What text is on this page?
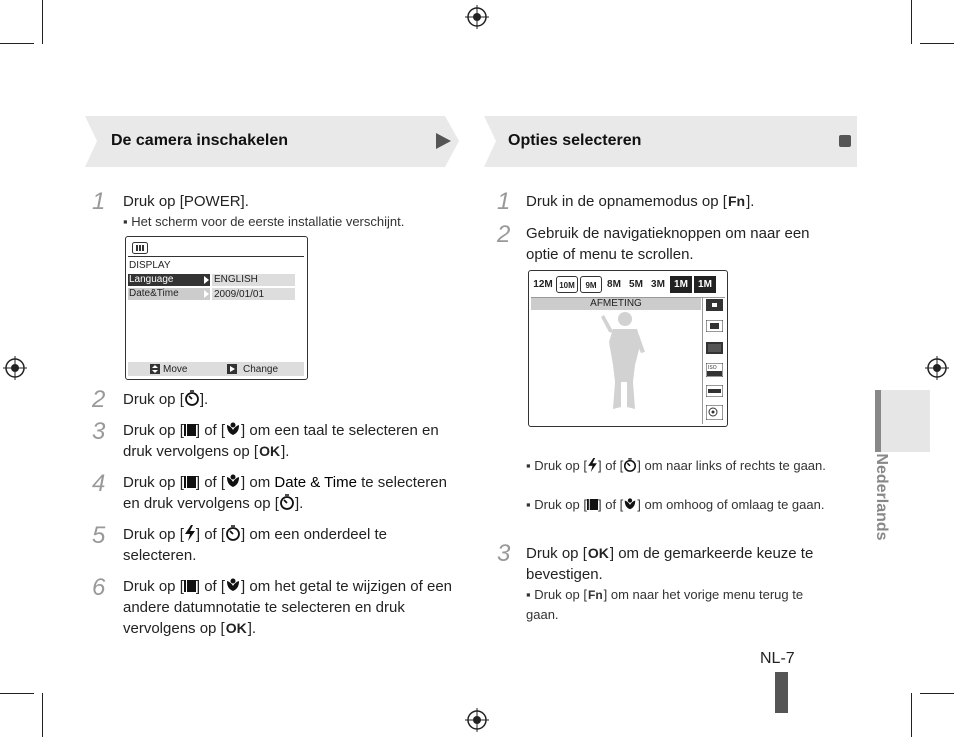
De camera inschakelen	Opties selecteren
1 Druk op [POWER].
▪ Het scherm voor de eerste installatie verschijnt.
DISPLAY
Language	ENGLISH
Date&Time	2009/01/01
Move	Change
2 Druk op [ ].
3 Druk op [ ] of [ ] om een taal te selecteren en druk vervolgens op [OK].
4 Druk op [ ] of [ ] om Date & Time te selecteren en druk vervolgens op [ ].
5 Druk op [ ] of [ ] om een onderdeel te selecteren.
6 Druk op [ ] of [ ] om het getal te wijzigen of een andere datumnotatie te selecteren en druk vervolgens op [OK].
1 Druk in de opnamemodus op [Fn].
2 Gebruik de navigatieknoppen om naar een optie of menu te scrollen.
12M 10M	9M	8M 5M 3M 1M	1M
AFMETING
ISO
▪ Druk op [ ] of [ ] om naar links of rechts te gaan.
▪ Druk op [ ] of [ ] om omhoog of omlaag te gaan.
3 Druk op [OK] om de gemarkeerde keuze te bevestigen.
▪ Druk op [Fn] om naar het vorige menu terug te gaan.
Nederlands
NL-7
